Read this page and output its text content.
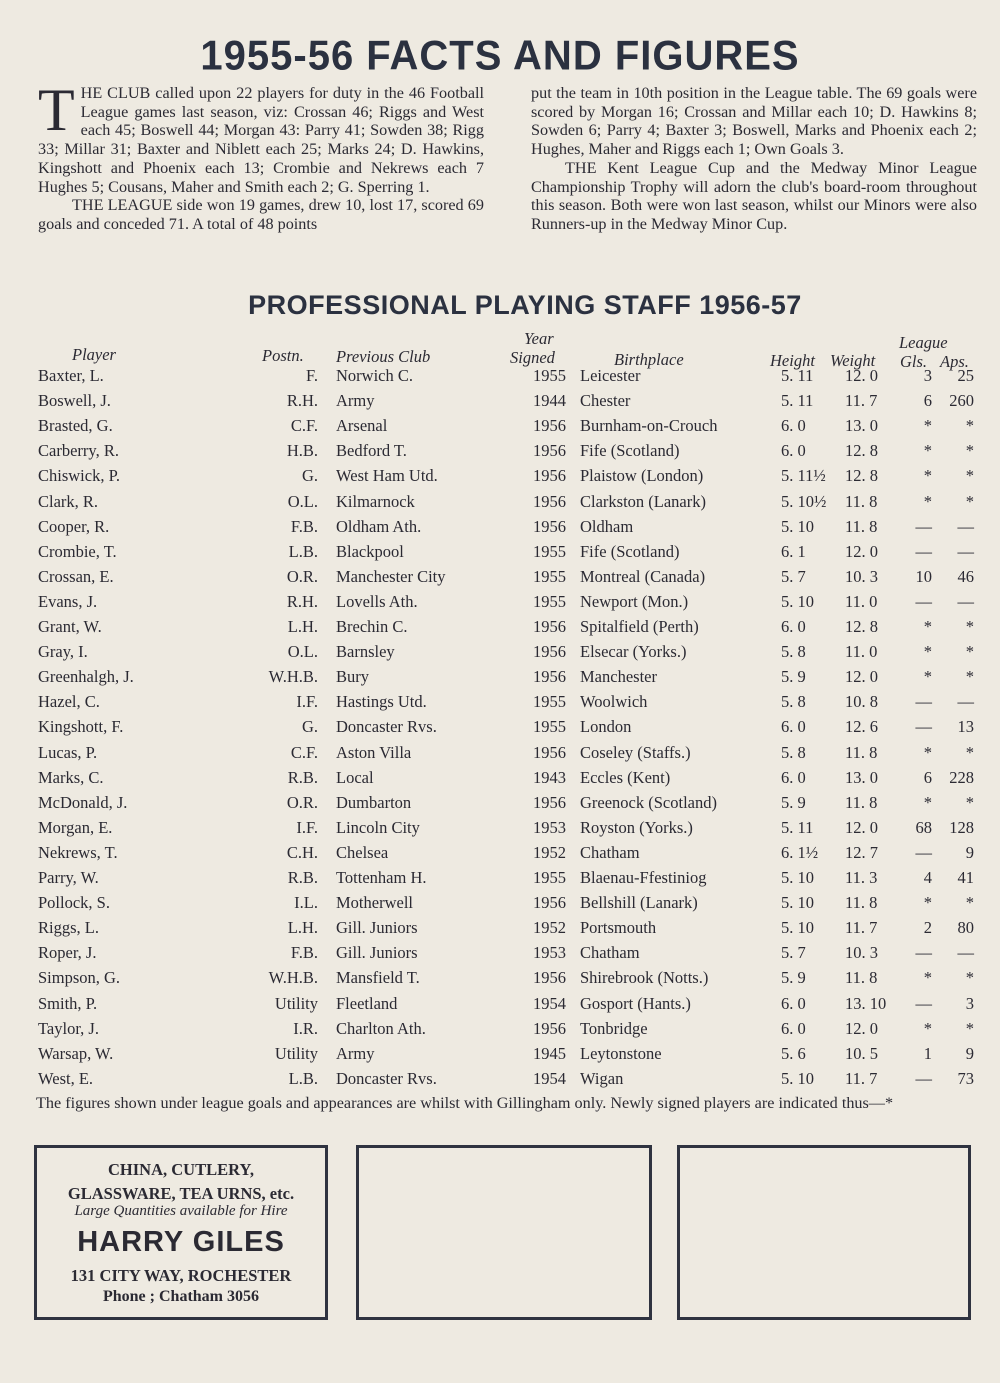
1955-56 FACTS AND FIGURES
T HE CLUB called upon 22 players for duty in the 46 Football League games last season, viz: Crossan 46; Riggs and West each 45; Boswell 44; Morgan 43: Parry 41; Sowden 38; Rigg 33; Millar 31; Baxter and Niblett each 25; Marks 24; D. Hawkins, Kingshott and Phoenix each 13; Crombie and Nekrews each 7 Hughes 5; Cousans, Maher and Smith each 2; G. Sperring 1.

THE LEAGUE side won 19 games, drew 10, lost 17, scored 69 goals and conceded 71. A total of 48 points

put the team in 10th position in the League table. The 69 goals were scored by Morgan 16; Crossan and Millar each 10; D. Hawkins 8; Sowden 6; Parry 4; Baxter 3; Boswell, Marks and Phoenix each 2; Hughes, Maher and Riggs each 1; Own Goals 3.

THE Kent League Cup and the Medway Minor League Championship Trophy will adorn the club's board-room throughout this season. Both were won last season, whilst our Minors were also Runners-up in the Medway Minor Cup.

PROFESSIONAL PLAYING STAFF 1956-57
Player	Postn. Previous Club
Year
Signed	Birthplace	Height Weight
League
Gls. Aps.
Baxter, L.	F. Norwich C.	1955 Leicester	5. 11 12. 0	3 25
Boswell, J.	R.H. Army	1944 Chester	5. 11 11. 7	6 260
Brasted, G.	C.F. Arsenal	1956 Burnham-on-Crouch	6. 0 13. 0	* *
Carberry, R.	H.B. Bedford T.	1956 Fife (Scotland)	6. 0 12. 8	* *
Chiswick, P.	G. West Ham Utd.	1956 Plaistow (London)	5. 11½ 12. 8	* *
Clark, R.	O.L. Kilmarnock	1956 Clarkston (Lanark)	5. 10½ 11. 8	* *
Cooper, R.	F.B. Oldham Ath.	1956 Oldham	5. 10 11. 8 — —
Crombie, T.	L.B. Blackpool	1955 Fife (Scotland)	6. 1 12. 0 — —
Crossan, E.	O.R. Manchester City	1955 Montreal (Canada)	5. 7 10. 3 10 46
Evans, J.	R.H. Lovells Ath.	1955 Newport (Mon.)	5. 10 11. 0 — —
Grant, W.	L.H. Brechin C.	1956 Spitalfield (Perth)	6. 0 12. 8	* *
Gray, I.	O.L. Barnsley	1956 Elsecar (Yorks.)	5. 8 11. 0	* *
Greenhalgh, J.	W.H.B. Bury	1956 Manchester	5. 9 12. 0	* *
Hazel, C.	I.F. Hastings Utd.	1955 Woolwich	5. 8 10. 8 — —
Kingshott, F.	G. Doncaster Rvs.	1955 London	6. 0 12. 6 — 13
Lucas, P.	C.F. Aston Villa	1956 Coseley (Staffs.)	5. 8 11. 8	* *
Marks, C.	R.B. Local	1943 Eccles (Kent)	6. 0 13. 0	6 228
McDonald, J.	O.R. Dumbarton	1956 Greenock (Scotland)	5. 9 11. 8	* *
Morgan, E.	I.F. Lincoln City	1953 Royston (Yorks.)	5. 11 12. 0 68 128
Nekrews, T.	C.H. Chelsea	1952 Chatham	6. 1½ 12. 7 — 9
Parry, W.	R.B. Tottenham H.	1955 Blaenau-Ffestiniog	5. 10 11. 3	4 41
Pollock, S.	I.L. Motherwell	1956 Bellshill (Lanark)	5. 10 11. 8	* *
Riggs, L.	L.H. Gill. Juniors	1952 Portsmouth	5. 10 11. 7	2 80
Roper, J.	F.B. Gill. Juniors	1953 Chatham	5. 7 10. 3 — —
Simpson, G.	W.H.B. Mansfield T.	1956 Shirebrook (Notts.)	5. 9 11. 8	* *
Smith, P.	Utility Fleetland	1954 Gosport (Hants.)	6. 0 13. 10 — 3
Taylor, J.	I.R. Charlton Ath.	1956 Tonbridge	6. 0 12. 0	* *
Warsap, W.	Utility Army	1945 Leytonstone	5. 6 10. 5	1 9
West, E.	L.B. Doncaster Rvs.	1954 Wigan	5. 10 11. 7 — 73
The figures shown under league goals and appearances are whilst with Gillingham only. Newly signed players are indicated thus—*
CHINA, CUTLERY,
GLASSWARE, TEA URNS, etc.
Large Quantities available for Hire
HARRY GILES
131 CITY WAY, ROCHESTER
Phone ; Chatham 3056
